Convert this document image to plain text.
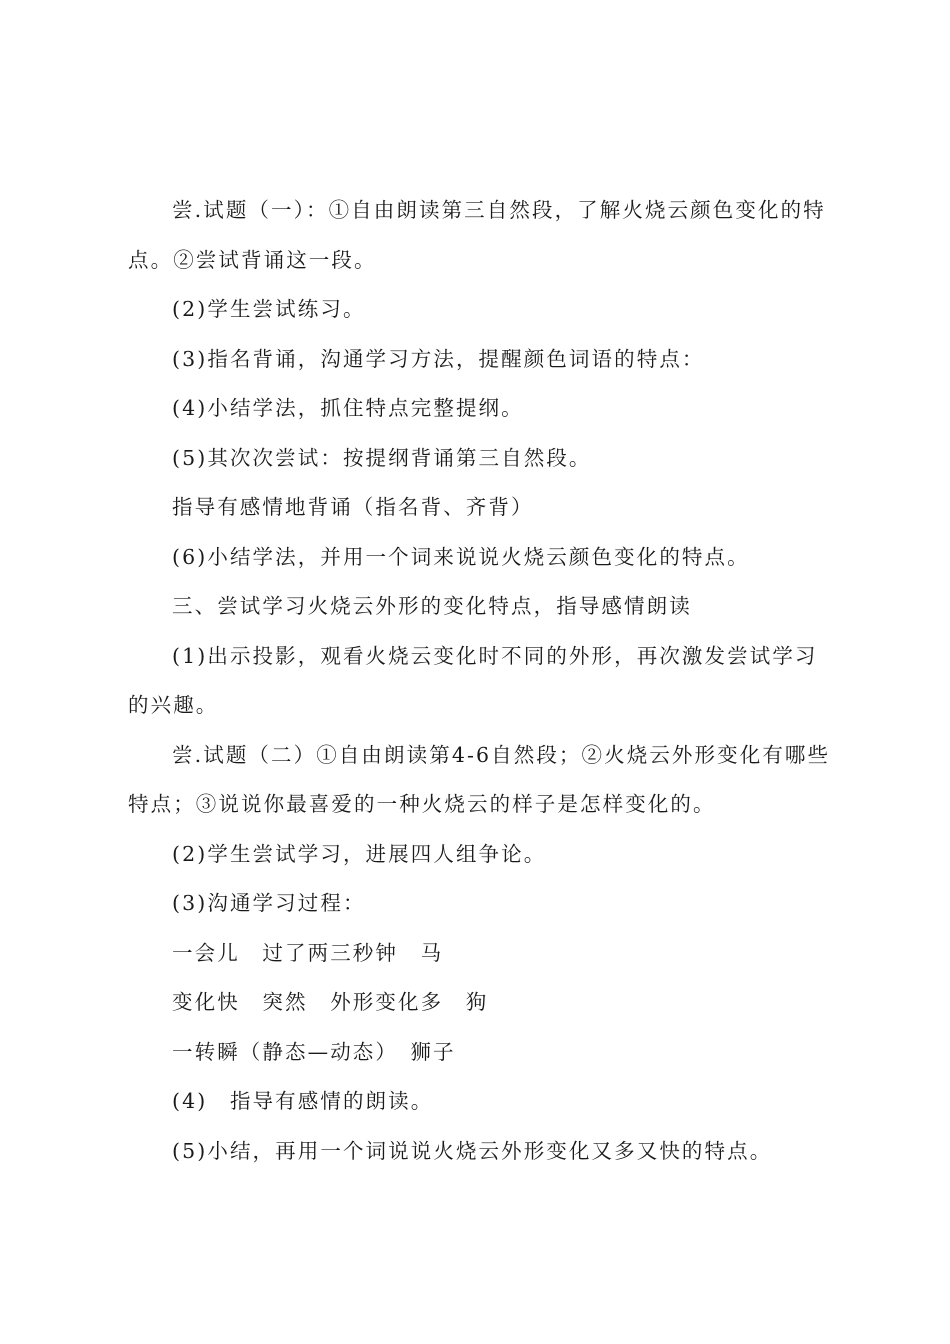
尝.试题（一）：①自由朗读第三自然段，了解火烧云颜色变化的特点。②尝试背诵这一段。

(2)学生尝试练习。

(3)指名背诵，沟通学习方法，提醒颜色词语的特点：

(4)小结学法，抓住特点完整提纲。

(5)其次次尝试：按提纲背诵第三自然段。

指导有感情地背诵（指名背、齐背）

(6)小结学法，并用一个词来说说火烧云颜色变化的特点。

三、尝试学习火烧云外形的变化特点，指导感情朗读

(1)出示投影，观看火烧云变化时不同的外形，再次激发尝试学习的兴趣。

尝.试题（二）①自由朗读第4-6自然段；②火烧云外形变化有哪些特点；③说说你最喜爱的一种火烧云的样子是怎样变化的。

(2)学生尝试学习，进展四人组争论。

(3)沟通学习过程：

一会儿　过了两三秒钟　马

变化快　突然　外形变化多　狗

一转瞬（静态—动态）　狮子

(4)　指导有感情的朗读。

(5)小结，再用一个词说说火烧云外形变化又多又快的特点。
